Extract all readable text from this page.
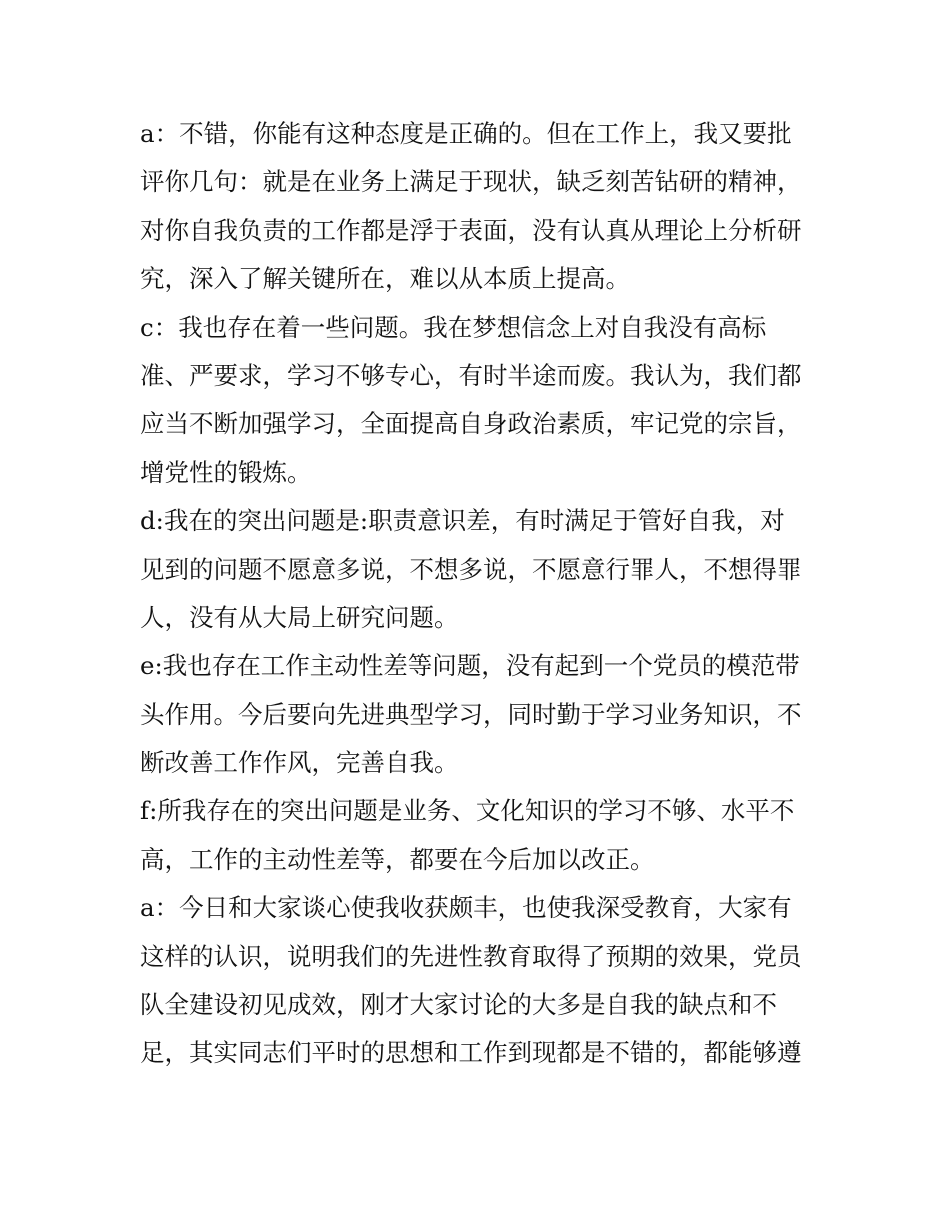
a：不错，你能有这种态度是正确的。但在工作上，我又要批
评你几句：就是在业务上满足于现状，缺乏刻苦钻研的精神，
对你自我负责的工作都是浮于表面，没有认真从理论上分析研
究，深入了解关键所在，难以从本质上提高。
c：我也存在着一些问题。我在梦想信念上对自我没有高标
准、严要求，学习不够专心，有时半途而废。我认为，我们都
应当不断加强学习，全面提高自身政治素质，牢记党的宗旨，
增党性的锻炼。
d:我在的突出问题是:职责意识差，有时满足于管好自我，对
见到的问题不愿意多说，不想多说，不愿意行罪人，不想得罪
人，没有从大局上研究问题。
e:我也存在工作主动性差等问题，没有起到一个党员的模范带
头作用。今后要向先进典型学习，同时勤于学习业务知识，不
断改善工作作风，完善自我。
f:所我存在的突出问题是业务、文化知识的学习不够、水平不
高，工作的主动性差等，都要在今后加以改正。
a：今日和大家谈心使我收获颇丰，也使我深受教育，大家有
这样的认识，说明我们的先进性教育取得了预期的效果，党员
队全建设初见成效，刚才大家讨论的大多是自我的缺点和不
足，其实同志们平时的思想和工作到现都是不错的，都能够遵
